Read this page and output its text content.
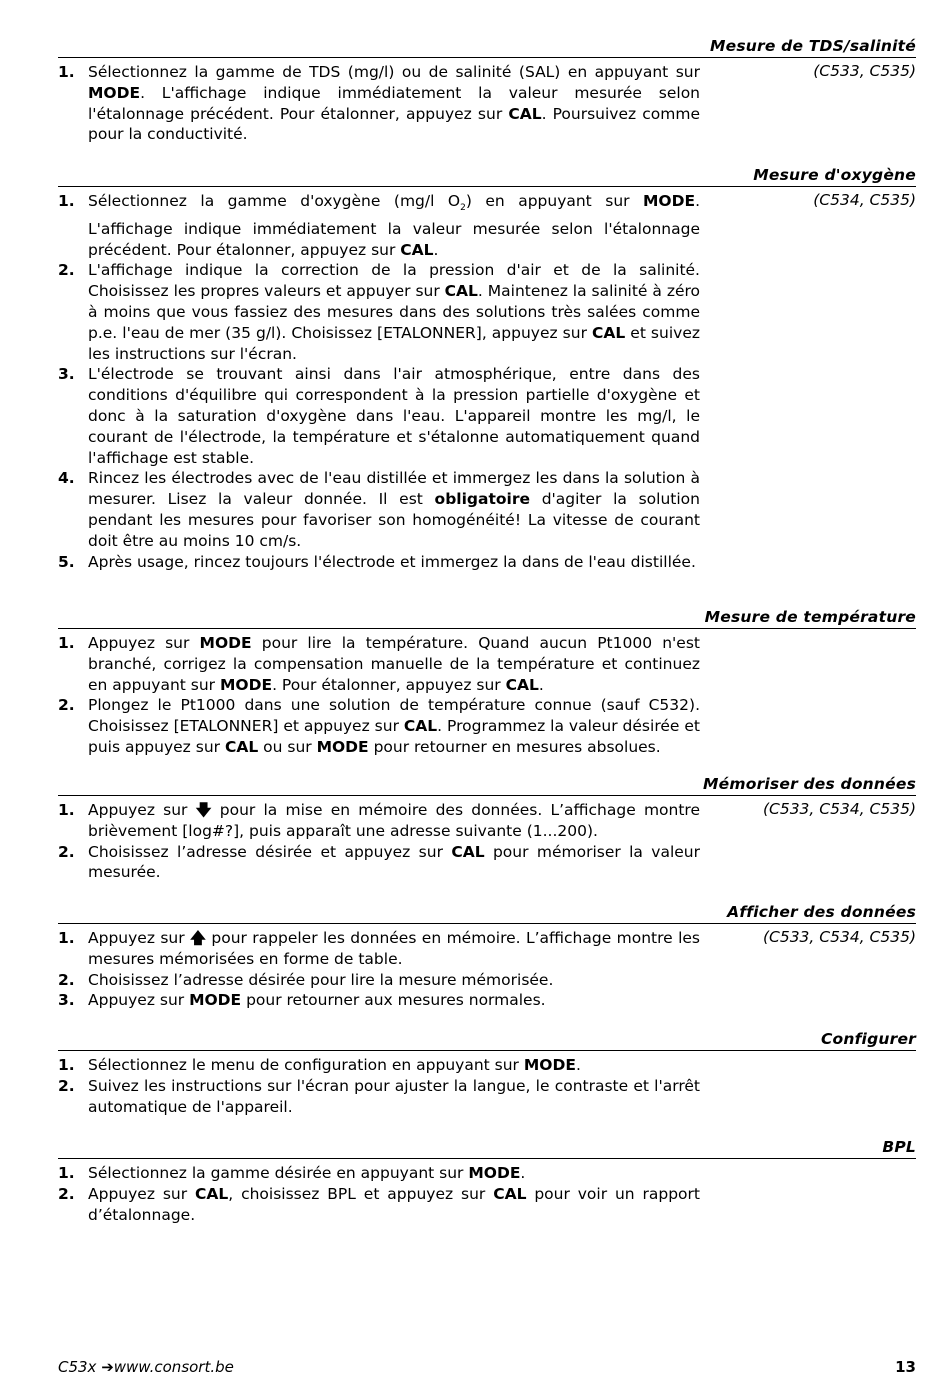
Mesure de TDS/salinité
(C533, C535)
1. Sélectionnez la gamme de TDS (mg/l) ou de salinité (SAL) en appuyant sur MODE. L'affichage indique immédiatement la valeur mesurée selon l'étalonnage précédent. Pour étalonner, appuyez sur CAL. Poursuivez comme pour la conductivité.
Mesure d'oxygène
(C534, C535)
1. Sélectionnez la gamme d'oxygène (mg/l $O_2$) en appuyant sur MODE. L'affichage indique immédiatement la valeur mesurée selon l'étalonnage précédent. Pour étalonner, appuyez sur CAL.
2. L'affichage indique la correction de la pression d'air et de la salinité. Choisissez les propres valeurs et appuyer sur CAL. Maintenez la salinité à zéro à moins que vous fassiez des mesures dans des solutions très salées comme p.e. l'eau de mer (35 g/l). Choisissez [ETALONNER], appuyez sur CAL et suivez les instructions sur l'écran.
3. L'électrode se trouvant ainsi dans l'air atmosphérique, entre dans des conditions d'équilibre qui correspondent à la pression partielle d'oxygène et donc à la saturation d'oxygène dans l'eau. L'appareil montre les mg/l, le courant de l'électrode, la température et s'étalonne automatiquement quand l'affichage est stable.
4. Rincez les électrodes avec de l'eau distillée et immergez les dans la solution à mesurer. Lisez la valeur donnée. Il est obligatoire d'agiter la solution pendant les mesures pour favoriser son homogénéité! La vitesse de courant doit être au moins 10 cm/s.
5. Après usage, rincez toujours l'électrode et immergez la dans de l'eau distillée.
Mesure de température
1. Appuyez sur MODE pour lire la température. Quand aucun Pt1000 n'est branché, corrigez la compensation manuelle de la température et continuez en appuyant sur MODE. Pour étalonner, appuyez sur CAL.
2. Plongez le Pt1000 dans une solution de température connue (sauf C532). Choisissez [ETALONNER] et appuyez sur CAL. Programmez la valeur désirée et puis appuyez sur CAL ou sur MODE pour retourner en mesures absolues.
Mémoriser des données
(C533, C534, C535)
1. Appuyez sur 🡇 pour la mise en mémoire des données. L’affichage montre brièvement [log#?], puis apparaît une adresse suivante (1...200).
2. Choisissez l’adresse désirée et appuyez sur CAL pour mémoriser la valeur mesurée.
Afficher des données
(C533, C534, C535)
1. Appuyez sur 🡅 pour rappeler les données en mémoire. L’affichage montre les mesures mémorisées en forme de table.
2. Choisissez l’adresse désirée pour lire la mesure mémorisée.
3. Appuyez sur MODE pour retourner aux mesures normales.
Configurer
1. Sélectionnez le menu de configuration en appuyant sur MODE.
2. Suivez les instructions sur l'écran pour ajuster la langue, le contraste et l'arrêt automatique de l'appareil.
BPL
1. Sélectionnez la gamme désirée en appuyant sur MODE.
2. Appuyez sur CAL, choisissez BPL et appuyez sur CAL pour voir un rapport d’étalonnage.
C53x ➔www.consort.be	13
